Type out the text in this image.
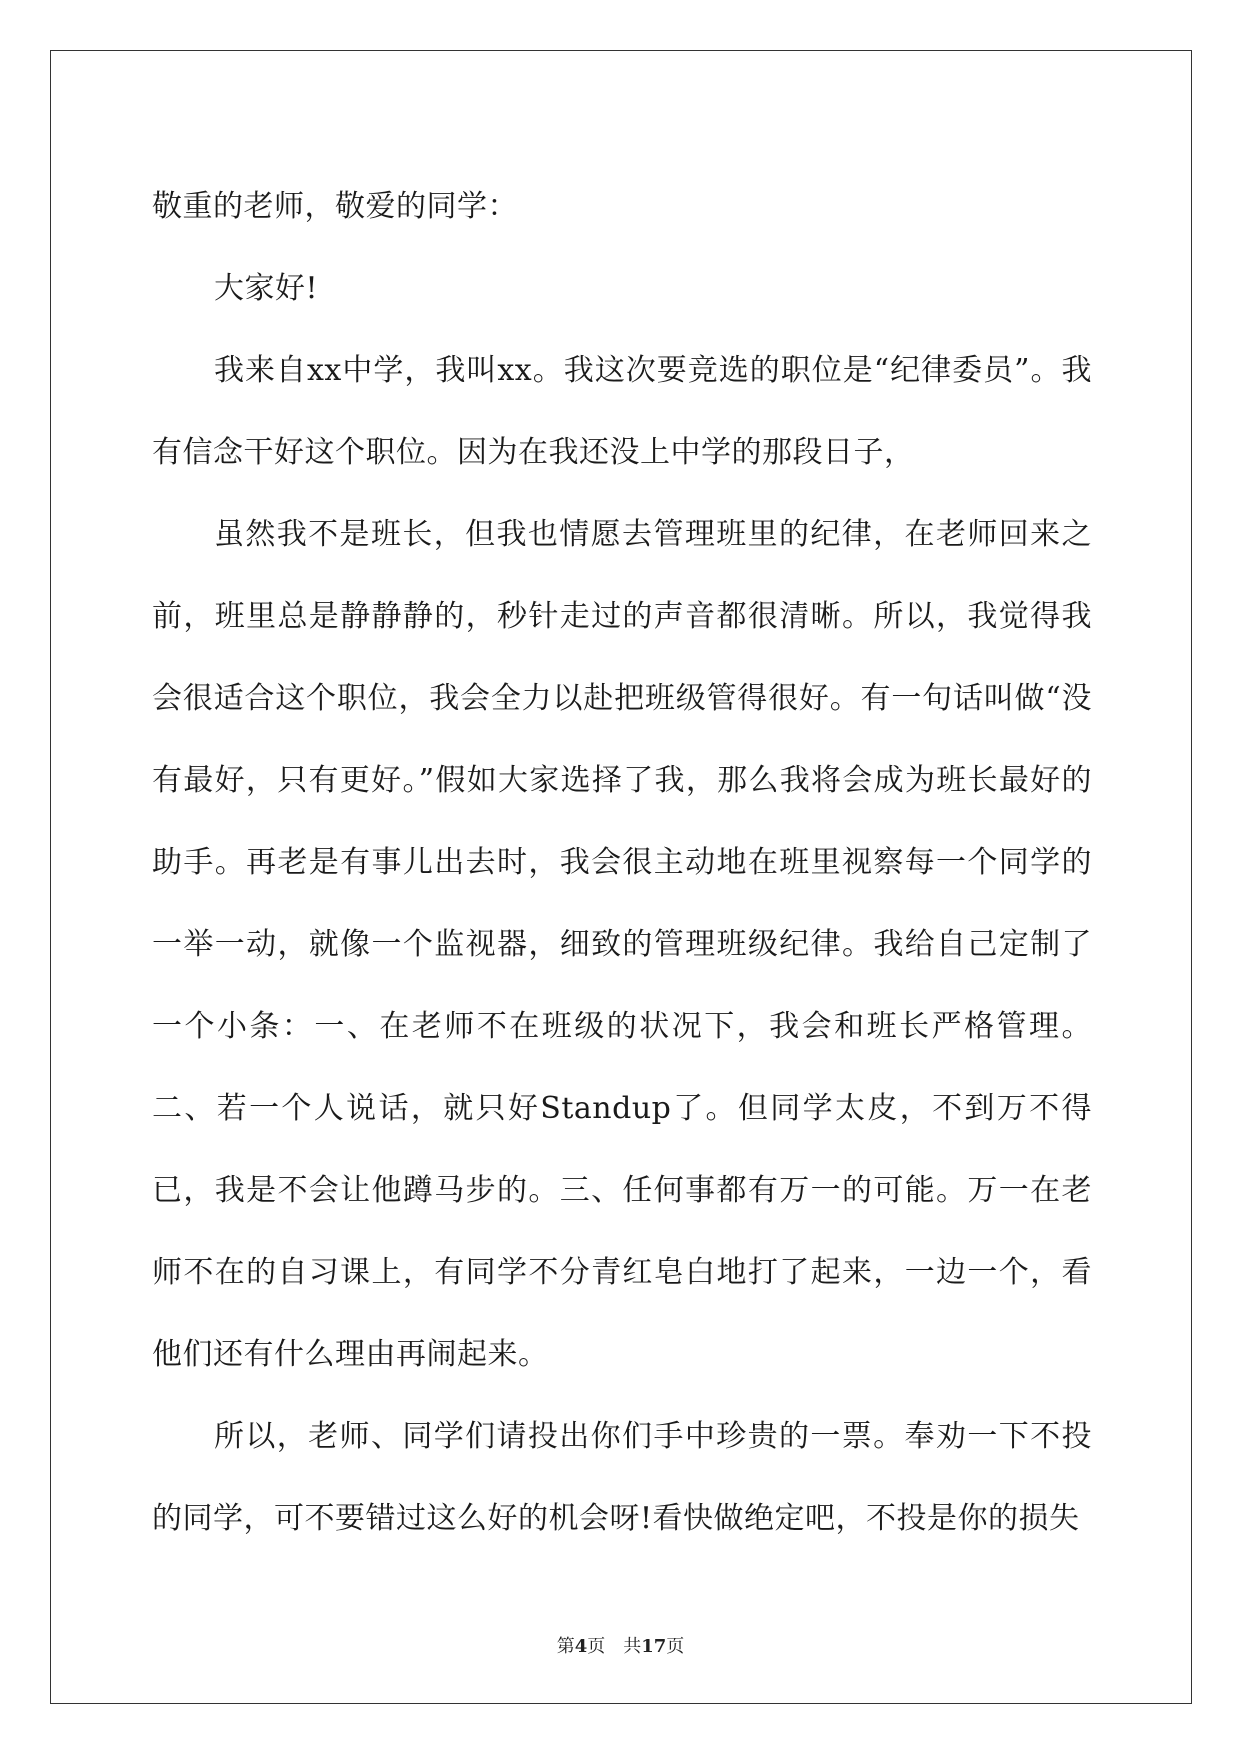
敬重的老师，敬爱的同学：

大家好!

我来自xx中学，我叫xx。我这次要竞选的职位是“纪律委员”。我有信念干好这个职位。因为在我还没上中学的那段日子，

虽然我不是班长，但我也情愿去管理班里的纪律，在老师回来之前，班里总是静静静的，秒针走过的声音都很清晰。所以，我觉得我会很适合这个职位，我会全力以赴把班级管得很好。有一句话叫做“没有最好，只有更好。”假如大家选择了我，那么我将会成为班长最好的助手。再老是有事儿出去时，我会很主动地在班里视察每一个同学的一举一动，就像一个监视器，细致的管理班级纪律。我给自己定制了一个小条：一、在老师不在班级的状况下，我会和班长严格管理。二、若一个人说话，就只好Standup了。但同学太皮，不到万不得已，我是不会让他蹲马步的。三、任何事都有万一的可能。万一在老师不在的自习课上，有同学不分青红皂白地打了起来，一边一个，看他们还有什么理由再闹起来。

所以，老师、同学们请投出你们手中珍贵的一票。奉劝一下不投的同学，可不要错过这么好的机会呀!看快做绝定吧，不投是你的损失

第4页 共17页
